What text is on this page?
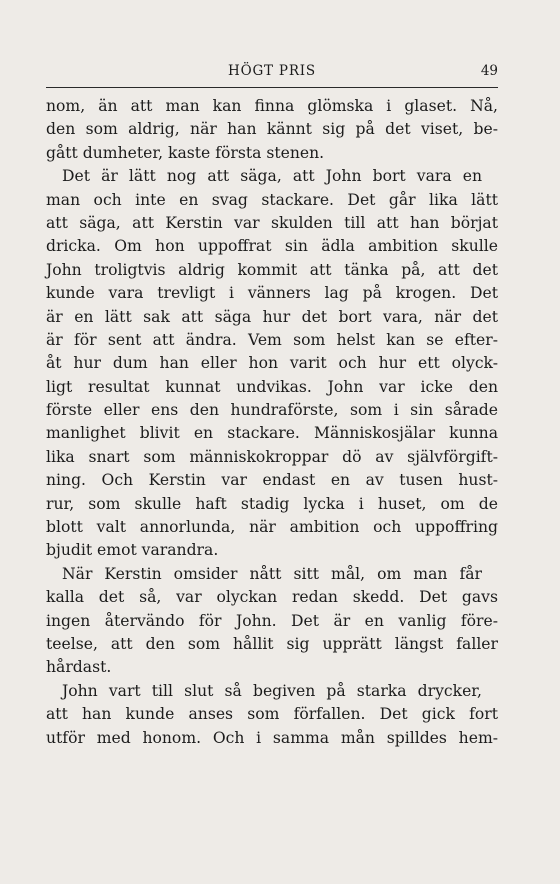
HÖGT PRIS	49
nom, än att man kan finna glömska i glaset. Nå,
den som aldrig, när han kännt sig på det viset, be-
gått dumheter, kaste första stenen.
Det är lätt nog att säga, att John bort vara en
man och inte en svag stackare. Det går lika lätt
att säga, att Kerstin var skulden till att han börjat
dricka. Om hon uppoffrat sin ädla ambition skulle
John troligtvis aldrig kommit att tänka på, att det
kunde vara trevligt i vänners lag på krogen. Det
är en lätt sak att säga hur det bort vara, när det
är för sent att ändra. Vem som helst kan se efter-
åt hur dum han eller hon varit och hur ett olyck-
ligt resultat kunnat undvikas. John var icke den
förste eller ens den hundraförste, som i sin sårade
manlighet blivit en stackare. Människosjälar kunna
lika snart som människokroppar dö av självförgift-
ning. Och Kerstin var endast en av tusen hust-
rur, som skulle haft stadig lycka i huset, om de
blott valt annorlunda, när ambition och uppoffring
bjudit emot varandra.
När Kerstin omsider nått sitt mål, om man får
kalla det så, var olyckan redan skedd. Det gavs
ingen återvändo för John. Det är en vanlig före-
teelse, att den som hållit sig upprätt längst faller
hårdast.
John vart till slut så begiven på starka drycker,
att han kunde anses som förfallen. Det gick fort
utför med honom. Och i samma mån spilldes hem-
